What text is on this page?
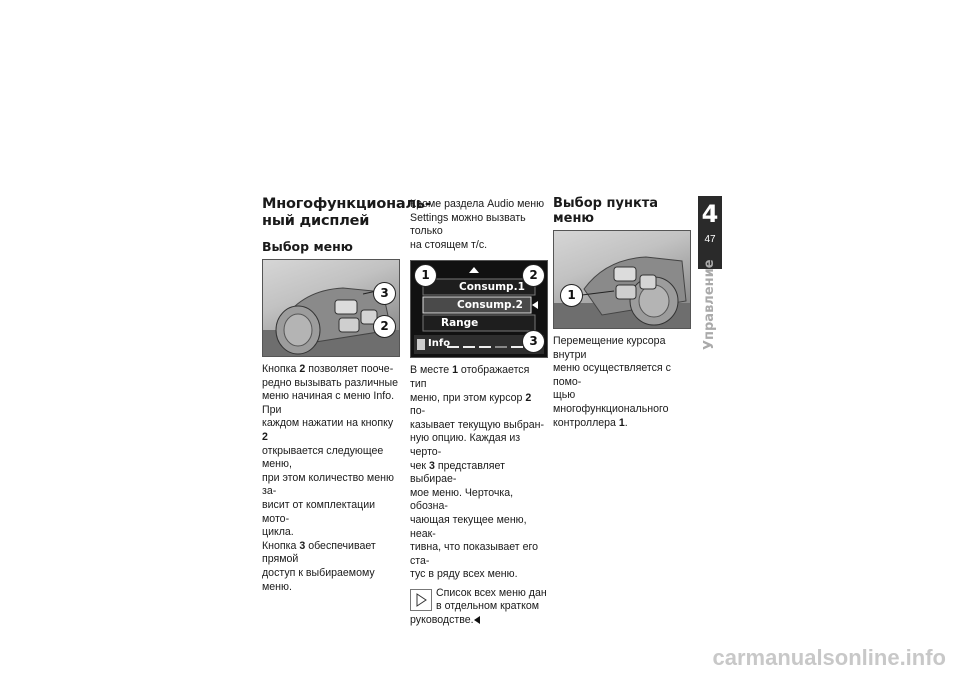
Многофункциональ-
ный дисплей
Выбор меню
3
2

Кнопка 2 позволяет пооче-
редно вызывать различные
меню начиная с меню Info. При
каждом нажатии на кнопку 2
открывается следующее меню,
при этом количество меню за-
висит от комплектации мото-
цикла.

Кнопка 3 обеспечивает прямой
доступ к выбираемому меню.

Кроме раздела Audio меню
Settings можно вызвать только
на стоящем т/с.

Consump.1
Consump.2
Range
Info
1	2
3

В месте 1 отображается тип
меню, при этом курсор 2 по-
казывает текущую выбран-
ную опцию. Каждая из черто-
чек 3 представляет выбирае-
мое меню. Черточка, обозна-
чающая текущее меню, неак-
тивна, что показывает его ста-
тус в ряду всех меню.

Список всех меню дан
в отдельном кратком

руководстве.

Выбор пункта меню
1

Перемещение курсора внутри
меню осуществляется с помо-
щью многофункционального
контроллера 1.

4
47
Управление
carmanualsonline.info
